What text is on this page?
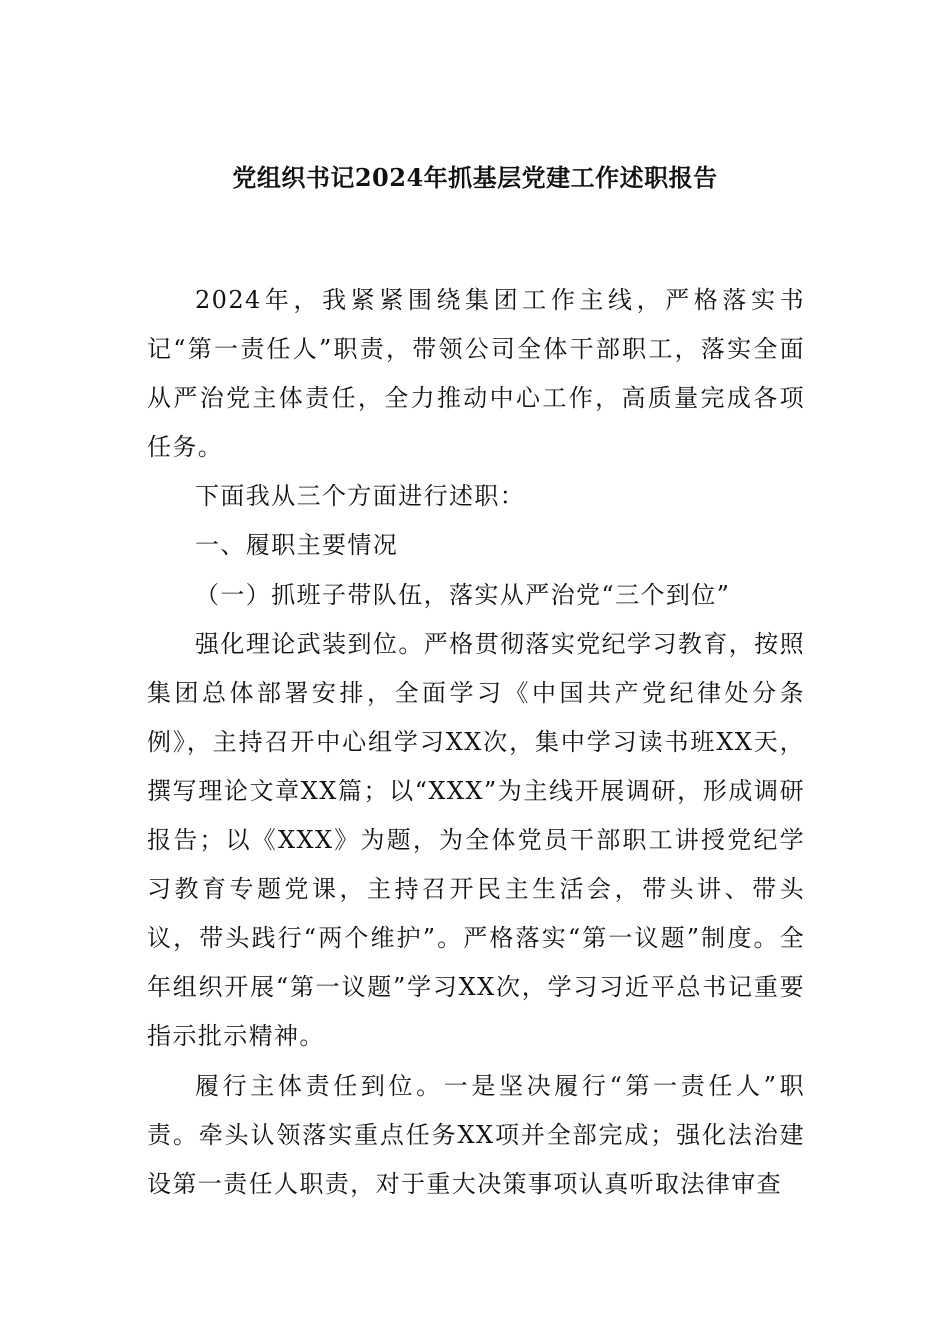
党组织书记2024年抓基层党建工作述职报告

2024年，我紧紧围绕集团工作主线，严格落实书记“第一责任人”职责，带领公司全体干部职工，落实全面从严治党主体责任，全力推动中心工作，高质量完成各项任务。

下面我从三个方面进行述职：

一、履职主要情况

（一）抓班子带队伍，落实从严治党“三个到位”

强化理论武装到位。严格贯彻落实党纪学习教育，按照集团总体部署安排，全面学习《中国共产党纪律处分条例》，主持召开中心组学习XX次，集中学习读书班XX天，撰写理论文章XX篇；以“XXX”为主线开展调研，形成调研报告；以《XXX》为题，为全体党员干部职工讲授党纪学习教育专题党课，主持召开民主生活会，带头讲、带头议，带头践行“两个维护”。严格落实“第一议题”制度。全年组织开展“第一议题”学习XX次，学习习近平总书记重要指示批示精神。

履行主体责任到位。一是坚决履行“第一责任人”职责。牵头认领落实重点任务XX项并全部完成；强化法治建设第一责任人职责，对于重大决策事项认真听取法律审查
